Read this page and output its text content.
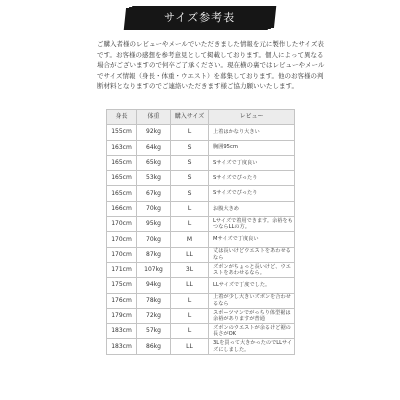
サイズ参考表

ご購入者様のレビューやメールでいただきました情報を元に製作したサイズ表です。お客様の感想を参考意見として掲載しております。個人によって異なる場合がございますので何卒ご了承ください。現在横の裏ではレビューやメールでサイズ情報（身長・体重・ウエスト）を募集しております。他のお客様の判断材料となりますのでご連絡いただきます様ご協力願いいたします。

身長	体重	購入サイズ	レビュー
155cm	92kg	L	上着はかなり大きい
163cm	64kg	S	胸囲95cm
165cm	65kg	S	Sサイズで丁度良い
165cm	53kg	S	Sサイズでぴったり
165cm	67kg	S	Sサイズでぴったり
166cm	70kg	L	お腹大きめ
170cm	95kg	L	Lサイズで着用できます。余裕をもつならLLの方。
170cm	70kg	M	Mサイズで丁度良い
170cm	87kg	LL	丈は長いけどウエストをあわせるなら
171cm	107kg	3L	ズボンがちょっと長いけど、ウエストをあわせるなら。
175cm	94kg	LL	LLサイズで丁度でした。
176cm	78kg	L	上着が少し大きいズボンを合わせるなら
179cm	72kg	L	スポーツマンでがっちり体型裾は余裕がありますが普通
183cm	57kg	L	ズボンのウエストが余るけど裾の長さがOK
183cm	86kg	LL	3Lを買って大きかったのでLLサイズにしました。
